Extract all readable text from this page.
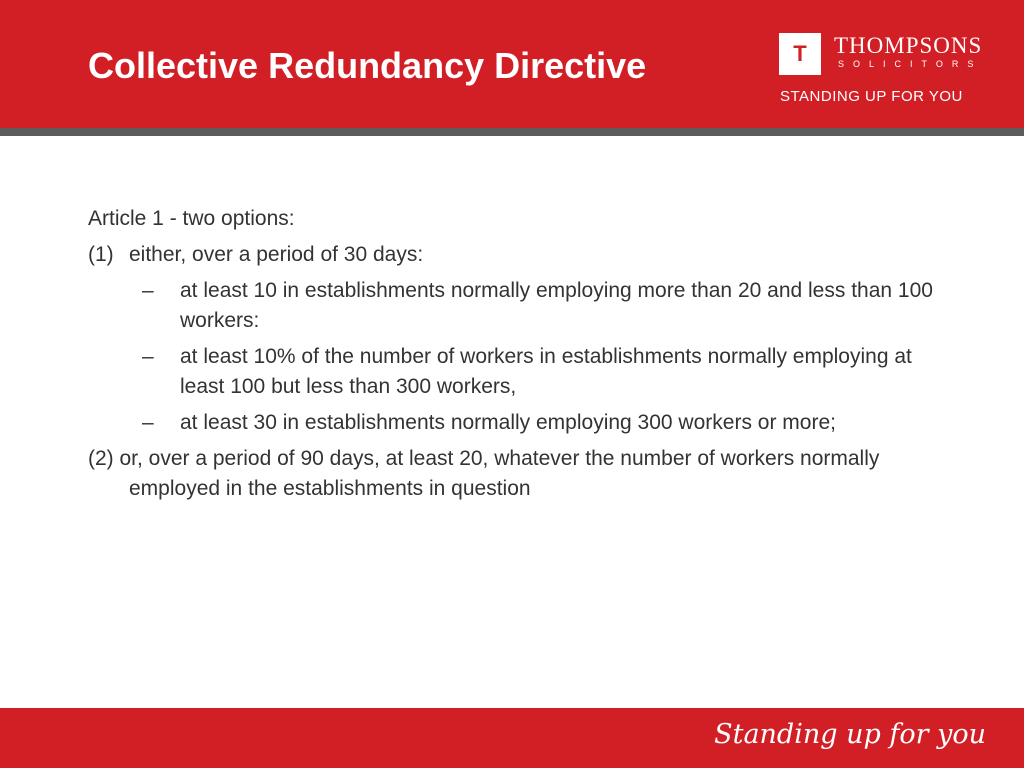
Collective Redundancy Directive	T	THOMPSONS
SOLICITORS
STANDING UP FOR YOU
Article 1 - two options:
(1) either, over a period of 30 days:
– at least 10 in establishments normally employing more than 20 and less than 100 workers:
– at least 10% of the number of workers in establishments normally employing at least 100 but less than 300 workers,
– at least 30 in establishments normally employing 300 workers or more;
(2) or, over a period of 90 days, at least 20, whatever the number of workers normally employed in the establishments in question
Standing up for you
